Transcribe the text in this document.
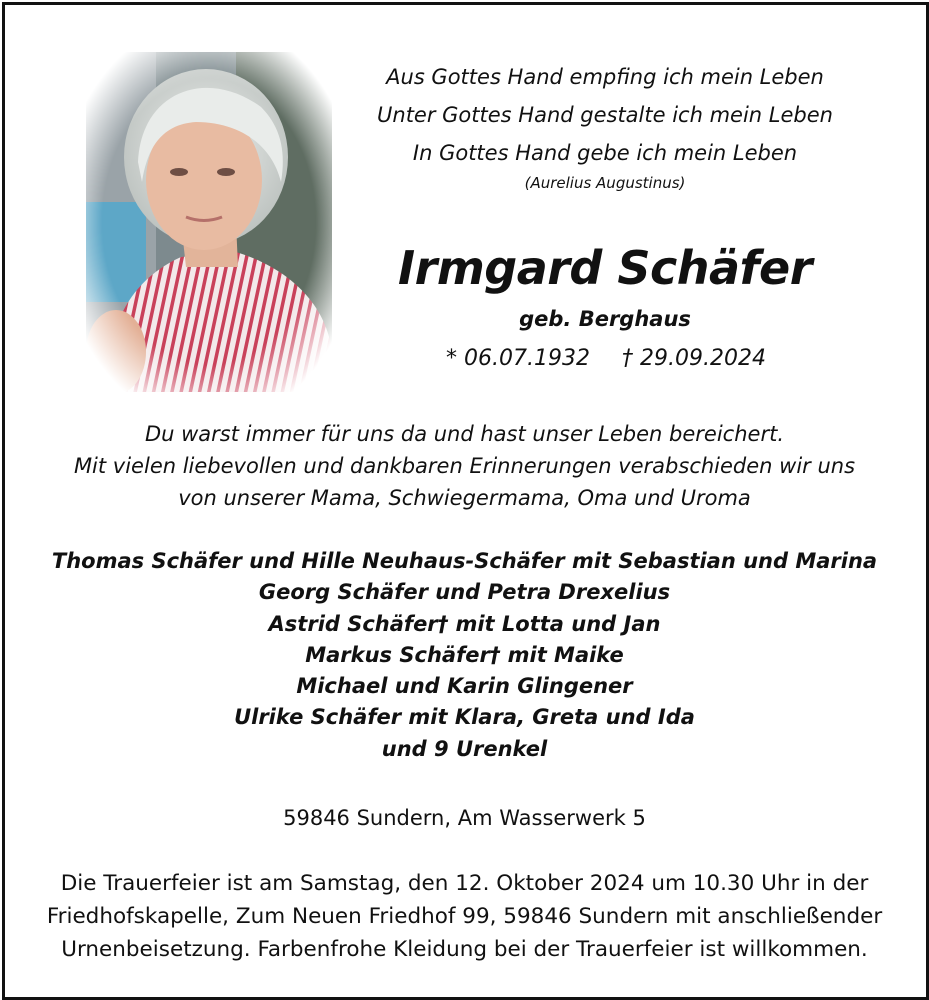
Aus Gottes Hand empfing ich mein Leben
Unter Gottes Hand gestalte ich mein Leben
In Gottes Hand gebe ich mein Leben
(Aurelius Augustinus)
Irmgard Schäfer
geb. Berghaus
* 06.07.1932 † 29.09.2024
Du warst immer für uns da und hast unser Leben bereichert.
Mit vielen liebevollen und dankbaren Erinnerungen verabschieden wir uns
von unserer Mama, Schwiegermama, Oma und Uroma
Thomas Schäfer und Hille Neuhaus-Schäfer mit Sebastian und Marina
Georg Schäfer und Petra Drexelius
Astrid Schäfer† mit Lotta und Jan
Markus Schäfer† mit Maike
Michael und Karin Glingener
Ulrike Schäfer mit Klara, Greta und Ida
und 9 Urenkel
59846 Sundern, Am Wasserwerk 5
Die Trauerfeier ist am Samstag, den 12. Oktober 2024 um 10.30 Uhr in der
Friedhofskapelle, Zum Neuen Friedhof 99, 59846 Sundern mit anschließender
Urnenbeisetzung. Farbenfrohe Kleidung bei der Trauerfeier ist willkommen.
